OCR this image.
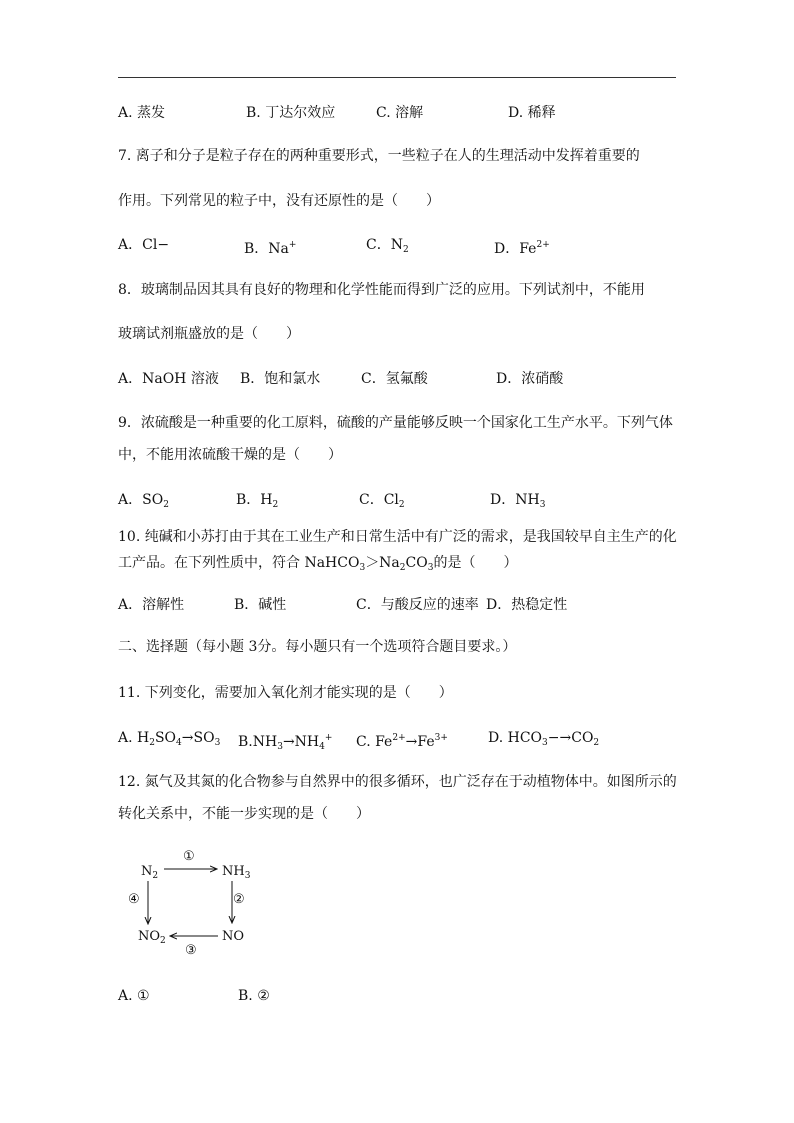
A. 蒸发	B. 丁达尔效应	C. 溶解	D. 稀释
7. 离子和分子是粒子存在的两种重要形式，一些粒子在人的生理活动中发挥着重要的
作用。下列常见的粒子中，没有还原性的是（　　）
A．Cl−	B．Na+	C．$N_2$	D．$Fe^{2+}$
8．玻璃制品因其具有良好的物理和化学性能而得到广泛的应用。下列试剂中，不能用
玻璃试剂瓶盛放的是（　　）
A．NaOH 溶液 B．饱和氯水	C．氢氟酸	D．浓硝酸
9．浓硫酸是一种重要的化工原料，硫酸的产量能够反映一个国家化工生产水平。下列气体
中，不能用浓硫酸干燥的是（　　）
A．$SO_2$	B．$H_2$	C．$Cl_2$	D．$NH_3$
10. 纯碱和小苏打由于其在工业生产和日常生活中有广泛的需求，是我国较早自主生产的化
工产品。在下列性质中，符合 $NaHCO_3>Na_2CO_3$的是（　　）
A．溶解性	B．碱性	C．与酸反应的速率 D．热稳定性
二、选择题（每小题 3分。每小题只有一个选项符合题目要求。）
11. 下列变化，需要加入氧化剂才能实现的是（　　）
A. $H_2SO_4\to SO_3$ $B.NH_3\to NH_4^+$ C. $Fe^{2+}\to Fe^{3+}$	D. $HCO_3-\to CO_2$
12. 氮气及其氮的化合物参与自然界中的很多循环，也广泛存在于动植物体中。如图所示的
转化关系中，不能一步实现的是（　　）
$N_2$	$NH_3$
$NO_2$	NO
①
②
③
④
A. ①	B. ②
